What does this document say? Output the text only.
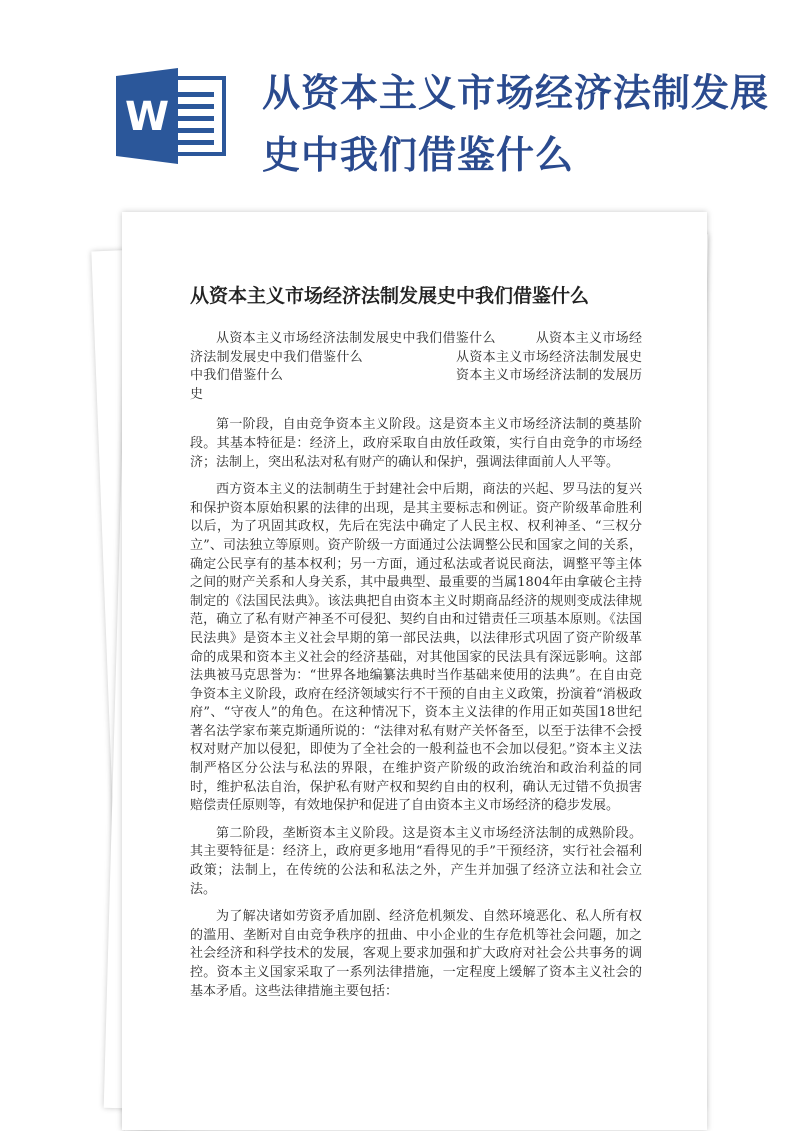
W
从资本主义市场经济法制发展史中我们借鉴什么
从资本主义市场经济法制发展史中我们借鉴什么
从资本主义市场经济法制发展史中我们借鉴什么　　　从资本主义市场经济法制发展史中我们借鉴什么　　　　　　　从资本主义市场经济法制发展史中我们借鉴什么　　　　　　　　　　　　　资本主义市场经济法制的发展历史

第一阶段，自由竞争资本主义阶段。这是资本主义市场经济法制的奠基阶段。其基本特征是：经济上，政府采取自由放任政策，实行自由竞争的市场经济；法制上，突出私法对私有财产的确认和保护，强调法律面前人人平等。

西方资本主义的法制萌生于封建社会中后期，商法的兴起、罗马法的复兴和保护资本原始积累的法律的出现，是其主要标志和例证。资产阶级革命胜利以后，为了巩固其政权，先后在宪法中确定了人民主权、权利神圣、“三权分立”、司法独立等原则。资产阶级一方面通过公法调整公民和国家之间的关系，确定公民享有的基本权利；另一方面，通过私法或者说民商法，调整平等主体之间的财产关系和人身关系，其中最典型、最重要的当属1804年由拿破仑主持制定的《法国民法典》。该法典把自由资本主义时期商品经济的规则变成法律规范，确立了私有财产神圣不可侵犯、契约自由和过错责任三项基本原则。《法国民法典》是资本主义社会早期的第一部民法典，以法律形式巩固了资产阶级革命的成果和资本主义社会的经济基础，对其他国家的民法具有深远影响。这部法典被马克思誉为：“世界各地编纂法典时当作基础来使用的法典”。在自由竞争资本主义阶段，政府在经济领域实行不干预的自由主义政策，扮演着“消极政府”、“守夜人”的角色。在这种情况下，资本主义法律的作用正如英国18世纪著名法学家布莱克斯通所说的：“法律对私有财产关怀备至，以至于法律不会授权对财产加以侵犯，即使为了全社会的一般利益也不会加以侵犯。”资本主义法制严格区分公法与私法的界限，在维护资产阶级的政治统治和政治利益的同时，维护私法自治，保护私有财产权和契约自由的权利，确认无过错不负损害赔偿责任原则等，有效地保护和促进了自由资本主义市场经济的稳步发展。

第二阶段，垄断资本主义阶段。这是资本主义市场经济法制的成熟阶段。其主要特征是：经济上，政府更多地用“看得见的手”干预经济，实行社会福利政策；法制上，在传统的公法和私法之外，产生并加强了经济立法和社会立法。

为了解决诸如劳资矛盾加剧、经济危机频发、自然环境恶化、私人所有权的滥用、垄断对自由竞争秩序的扭曲、中小企业的生存危机等社会问题，加之社会经济和科学技术的发展，客观上要求加强和扩大政府对社会公共事务的调控。资本主义国家采取了一系列法律措施，一定程度上缓解了资本主义社会的基本矛盾。这些法律措施主要包括：
